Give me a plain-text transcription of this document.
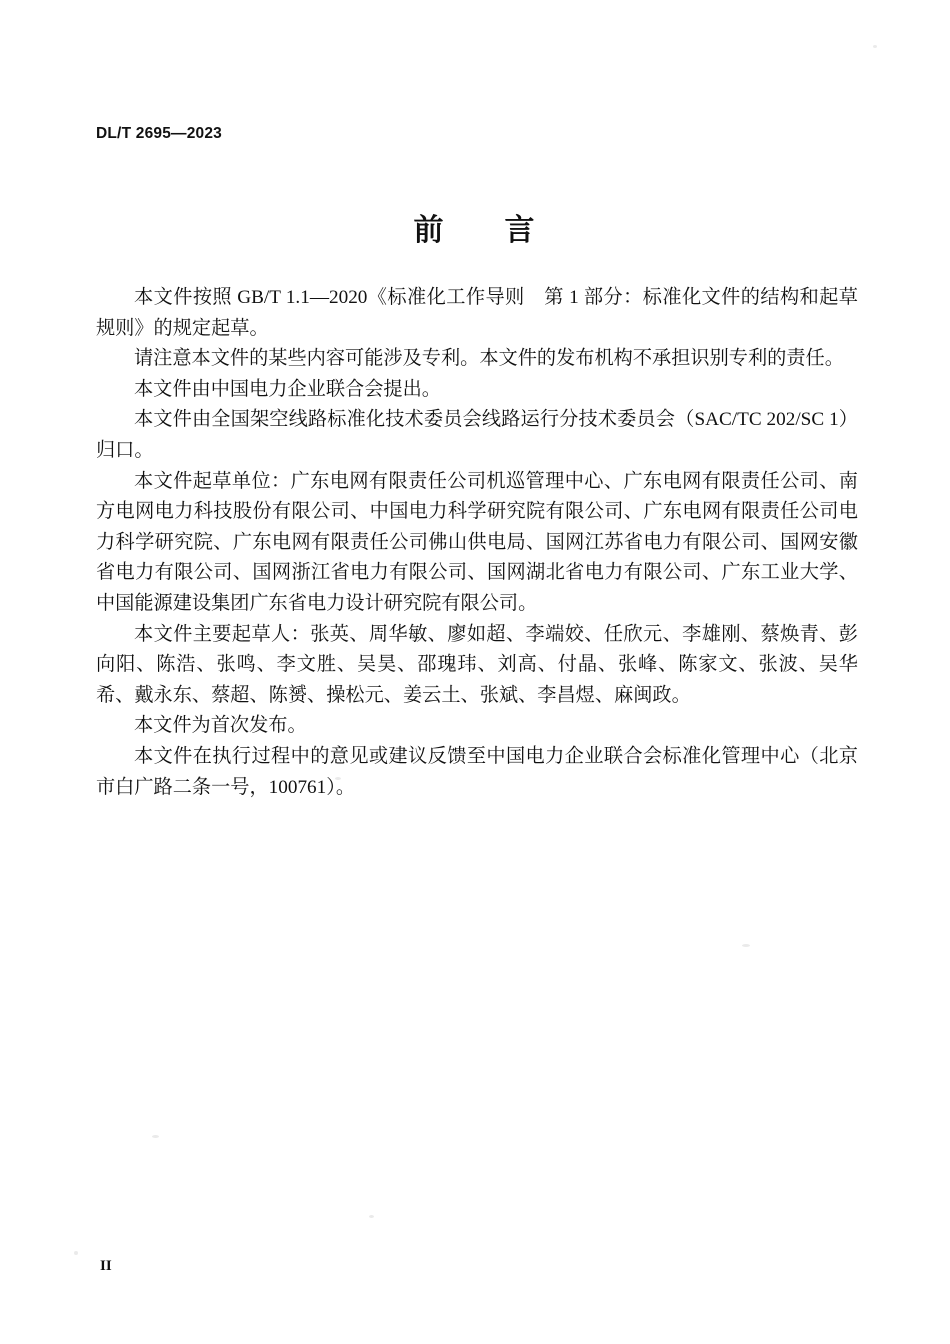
DL/T 2695—2023
前 言

本文件按照 GB/T 1.1—2020《标准化工作导则　第 1 部分：标准化文件的结构和起草规则》的规定起草。

请注意本文件的某些内容可能涉及专利。本文件的发布机构不承担识别专利的责任。

本文件由中国电力企业联合会提出。

本文件由全国架空线路标准化技术委员会线路运行分技术委员会（SAC/TC 202/SC 1）归口。

本文件起草单位：广东电网有限责任公司机巡管理中心、广东电网有限责任公司、南方电网电力科技股份有限公司、中国电力科学研究院有限公司、广东电网有限责任公司电力科学研究院、广东电网有限责任公司佛山供电局、国网江苏省电力有限公司、国网安徽省电力有限公司、国网浙江省电力有限公司、国网湖北省电力有限公司、广东工业大学、中国能源建设集团广东省电力设计研究院有限公司。

本文件主要起草人：张英、周华敏、廖如超、李端姣、任欣元、李雄刚、蔡焕青、彭向阳、陈浩、张鸣、李文胜、吴昊、邵瑰玮、刘高、付晶、张峰、陈家文、张波、吴华希、戴永东、蔡超、陈赟、操松元、姜云土、张斌、李昌煜、麻闽政。

本文件为首次发布。

本文件在执行过程中的意见或建议反馈至中国电力企业联合会标准化管理中心（北京市白广路二条一号，100761）。

II
